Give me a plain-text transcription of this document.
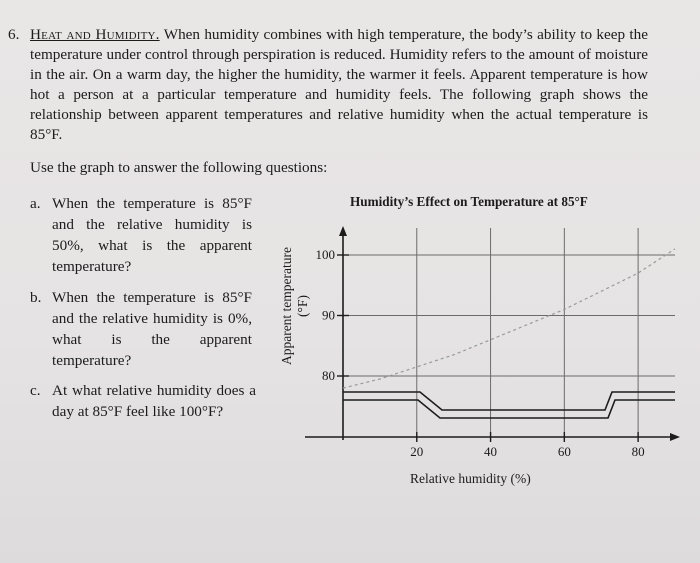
6. Heat and Humidity. When humidity combines with high temperature, the body’s ability to keep the temperature under control through perspiration is reduced. Humidity refers to the amount of moisture in the air. On a warm day, the higher the humidity, the warmer it feels. Apparent temperature is how hot a person at a particular temperature and humidity feels. The following graph shows the relationship between apparent temperatures and relative humidity when the actual temperature is 85°F.
Use the graph to answer the following questions:
a. When the temperature is 85°F and the relative humidity is 50%, what is the apparent temperature?
b. When the temperature is 85°F and the relative humidity is 0%, what is the apparent temperature?
c. At what relative humidity does a day at 85°F feel like 100°F?
Humidity’s Effect on Temperature at 85°F
Apparent temperature (°F)
Relative humidity (%)
80
90
100
20	40	60	80
